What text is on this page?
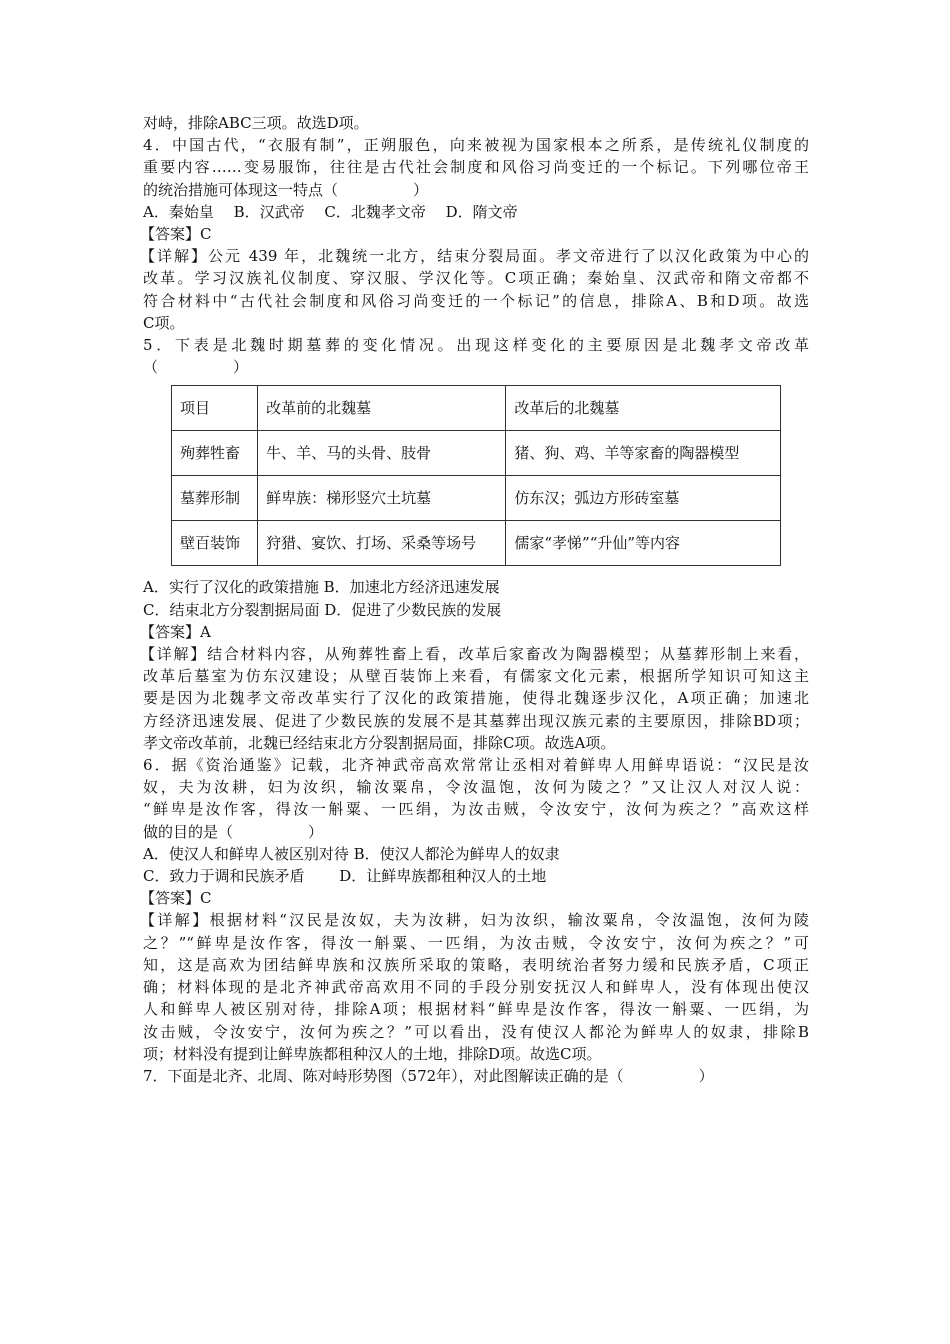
对峙，排除ABC三项。故选D项。
4．中国古代，“衣服有制”，正朔服色，向来被视为国家根本之所系，是传统礼仪制度的
重要内容……变易服饰，往往是古代社会制度和风俗习尚变迁的一个标记。下列哪位帝王
的统治措施可体现这一特点（　　　　　）
A．秦始皇　 B．汉武帝　 C．北魏孝文帝　 D．隋文帝
【答案】C
【详解】公元 439 年，北魏统一北方，结束分裂局面。孝文帝进行了以汉化政策为中心的
改革。学习汉族礼仪制度、穿汉服、学汉化等。C项正确；秦始皇、汉武帝和隋文帝都不
符合材料中“古代社会制度和风俗习尚变迁的一个标记”的信息，排除A、B和D项。故选
C项。
5．下表是北魏时期墓葬的变化情况。出现这样变化的主要原因是北魏孝文帝改革
（　　　　　）
项目	改革前的北魏墓	改革后的北魏墓
殉葬牲畜	牛、羊、马的头骨、肢骨	猪、狗、鸡、羊等家畜的陶器模型
墓葬形制	鲜卑族：梯形竖穴土坑墓	仿东汉；弧边方形砖室墓
壁百装饰	狩猎、宴饮、打场、采桑等场号	儒家“孝悌”“升仙”等内容
A．实行了汉化的政策措施 B．加速北方经济迅速发展
C．结束北方分裂割据局面 D．促进了少数民族的发展
【答案】A
【详解】结合材料内容，从殉葬牲畜上看，改革后家畜改为陶器模型；从墓葬形制上来看，
改革后墓室为仿东汉建设；从壁百装饰上来看，有儒家文化元素，根据所学知识可知这主
要是因为北魏孝文帝改革实行了汉化的政策措施，使得北魏逐步汉化，A项正确；加速北
方经济迅速发展、促进了少数民族的发展不是其墓葬出现汉族元素的主要原因，排除BD项；
孝文帝改革前，北魏已经结束北方分裂割据局面，排除C项。故选A项。
6．据《资治通鉴》记载，北齐神武帝高欢常常让丞相对着鲜卑人用鲜卑语说：“汉民是汝
奴，夫为汝耕，妇为汝织，输汝粟帛，令汝温饱，汝何为陵之？”又让汉人对汉人说：
“鲜卑是汝作客，得汝一斛粟、一匹绢，为汝击贼，令汝安宁，汝何为疾之？”高欢这样
做的目的是（　　　　　）
A．使汉人和鲜卑人被区别对待 B．使汉人都沦为鲜卑人的奴隶
C．致力于调和民族矛盾　　 D．让鲜卑族都租种汉人的土地
【答案】C
【详解】根据材料“汉民是汝奴，夫为汝耕，妇为汝织，输汝粟帛，令汝温饱，汝何为陵
之？”“鲜卑是汝作客，得汝一斛粟、一匹绢，为汝击贼，令汝安宁，汝何为疾之？”可
知，这是高欢为团结鲜卑族和汉族所采取的策略，表明统治者努力缓和民族矛盾，C项正
确；材料体现的是北齐神武帝高欢用不同的手段分别安抚汉人和鲜卑人，没有体现出使汉
人和鲜卑人被区别对待，排除A项；根据材料“鲜卑是汝作客，得汝一斛粟、一匹绢，为
汝击贼，令汝安宁，汝何为疾之？”可以看出，没有使汉人都沦为鲜卑人的奴隶，排除B
项；材料没有提到让鲜卑族都租种汉人的土地，排除D项。故选C项。
7．下面是北齐、北周、陈对峙形势图（572年），对此图解读正确的是（　　　　　）
